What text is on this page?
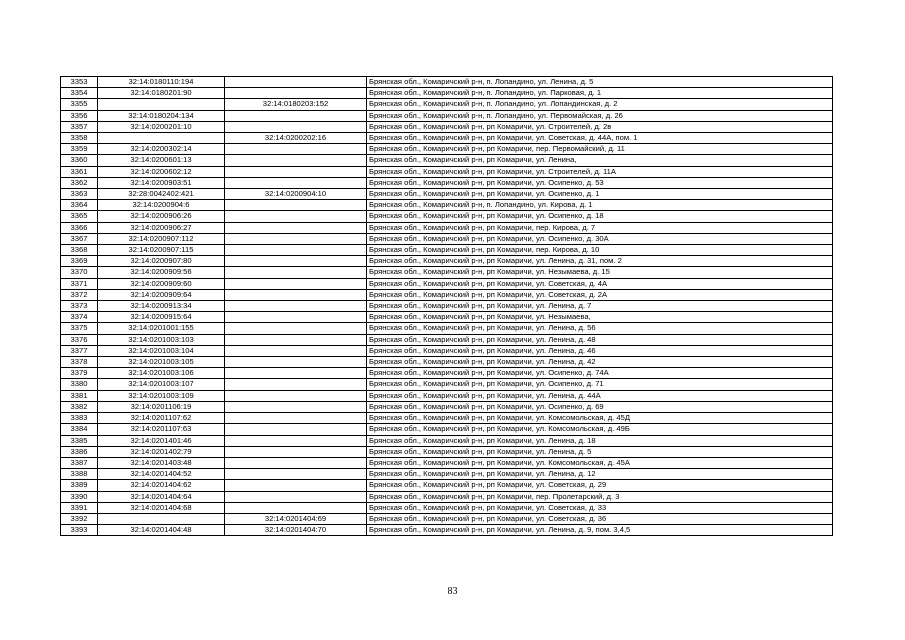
3353	32:14:0180110:194		Брянская обл., Комаричский р-н, п. Лопандино, ул. Ленина, д. 5
3354	32:14:0180201:90		Брянская обл., Комаричский р-н, п. Лопандино, ул. Парковая, д. 1
3355		32:14:0180203:152	Брянская обл., Комаричский р-н, п. Лопандино, ул. Лопандинская, д. 2
3356	32:14:0180204:134		Брянская обл., Комаричский р-н, п. Лопандино, ул. Первомайская, д. 26
3357	32:14:0200201:10		Брянская обл., Комаричский р-н, рп Комаричи, ул. Строителей, д. 2в
3358		32:14:0200202:16	Брянская обл., Комаричский р-н, рп Комаричи, ул. Советская, д. 44А, пом. 1
3359	32:14:0200302:14		Брянская обл., Комаричский р-н, рп Комаричи, пер. Первомайский, д. 11
3360	32:14:0200601:13		Брянская обл., Комаричский р-н, рп Комаричи, ул. Ленина,
3361	32:14:0200602:12		Брянская обл., Комаричский р-н, рп Комаричи, ул. Строителей, д. 11А
3362	32:14:0200903:51		Брянская обл., Комаричский р-н, рп Комаричи, ул. Осипенко, д. 53
3363	32:28:0042402:421	32:14:0200904:10	Брянская обл., Комаричский р-н, рп Комаричи, ул. Осипенко, д. 1
3364	32:14:0200904:6		Брянская обл., Комаричский р-н, п. Лопандино, ул. Кирова, д. 1
3365	32:14:0200906:26		Брянская обл., Комаричский р-н, рп Комаричи, ул. Осипенко, д. 18
3366	32:14:0200906:27		Брянская обл., Комаричский р-н, рп Комаричи, пер. Кирова, д. 7
3367	32:14:0200907:112		Брянская обл., Комаричский р-н, рп Комаричи, ул. Осипенко, д. 30А
3368	32:14:0200907:115		Брянская обл., Комаричский р-н, рп Комаричи, пер. Кирова, д. 10
3369	32:14:0200907:80		Брянская обл., Комаричский р-н, рп Комаричи, ул. Ленина, д. 31, пом. 2
3370	32:14:0200909:56		Брянская обл., Комаричский р-н, рп Комаричи, ул. Незымаева, д. 15
3371	32:14:0200909:60		Брянская обл., Комаричский р-н, рп Комаричи, ул. Советская, д. 4А
3372	32:14:0200909:64		Брянская обл., Комаричский р-н, рп Комаричи, ул. Советская, д. 2А
3373	32:14:0200913:34		Брянская обл., Комаричский р-н, рп Комаричи, ул. Ленина, д. 7
3374	32:14:0200915:64		Брянская обл., Комаричский р-н, рп Комаричи, ул. Незымаева,
3375	32:14:0201001:155		Брянская обл., Комаричский р-н, рп Комаричи, ул. Ленина, д. 56
3376	32:14:0201003:103		Брянская обл., Комаричский р-н, рп Комаричи, ул. Ленина, д. 48
3377	32:14:0201003:104		Брянская обл., Комаричский р-н, рп Комаричи, ул. Ленина, д. 46
3378	32:14:0201003:105		Брянская обл., Комаричский р-н, рп Комаричи, ул. Ленина, д. 42
3379	32:14:0201003:106		Брянская обл., Комаричский р-н, рп Комаричи, ул. Осипенко, д. 74А
3380	32:14:0201003:107		Брянская обл., Комаричский р-н, рп Комаричи, ул. Осипенко, д. 71
3381	32:14:0201003:109		Брянская обл., Комаричский р-н, рп Комаричи, ул. Ленина, д. 44А
3382	32:14:0201106:19		Брянская обл., Комаричский р-н, рп Комаричи, ул. Осипенко, д. 69
3383	32:14:0201107:62		Брянская обл., Комаричский р-н, рп Комаричи, ул. Комсомольская, д. 45Д
3384	32:14:0201107:63		Брянская обл., Комаричский р-н, рп Комаричи, ул. Комсомольская, д. 49Б
3385	32:14:0201401:46		Брянская обл., Комаричский р-н, рп Комаричи, ул. Ленина, д. 18
3386	32:14:0201402:79		Брянская обл., Комаричский р-н, рп Комаричи, ул. Ленина, д. 5
3387	32:14:0201403:48		Брянская обл., Комаричский р-н, рп Комаричи, ул. Комсомольская, д. 45А
3388	32:14:0201404:52		Брянская обл., Комаричский р-н, рп Комаричи, ул. Ленина, д. 12
3389	32:14:0201404:62		Брянская обл., Комаричский р-н, рп Комаричи, ул. Советская, д. 29
3390	32:14:0201404:64		Брянская обл., Комаричский р-н, рп Комаричи, пер. Пролетарский, д. 3
3391	32:14:0201404:68		Брянская обл., Комаричский р-н, рп Комаричи, ул. Советская, д. 33
3392		32:14:0201404:69	Брянская обл., Комаричский р-н, рп Комаричи, ул. Советская, д. 36
3393	32:14:0201404:48	32:14:0201404:70	Брянская обл., Комаричский р-н, рп Комаричи, ул. Ленина, д. 9, пом. 3,4,5
83
